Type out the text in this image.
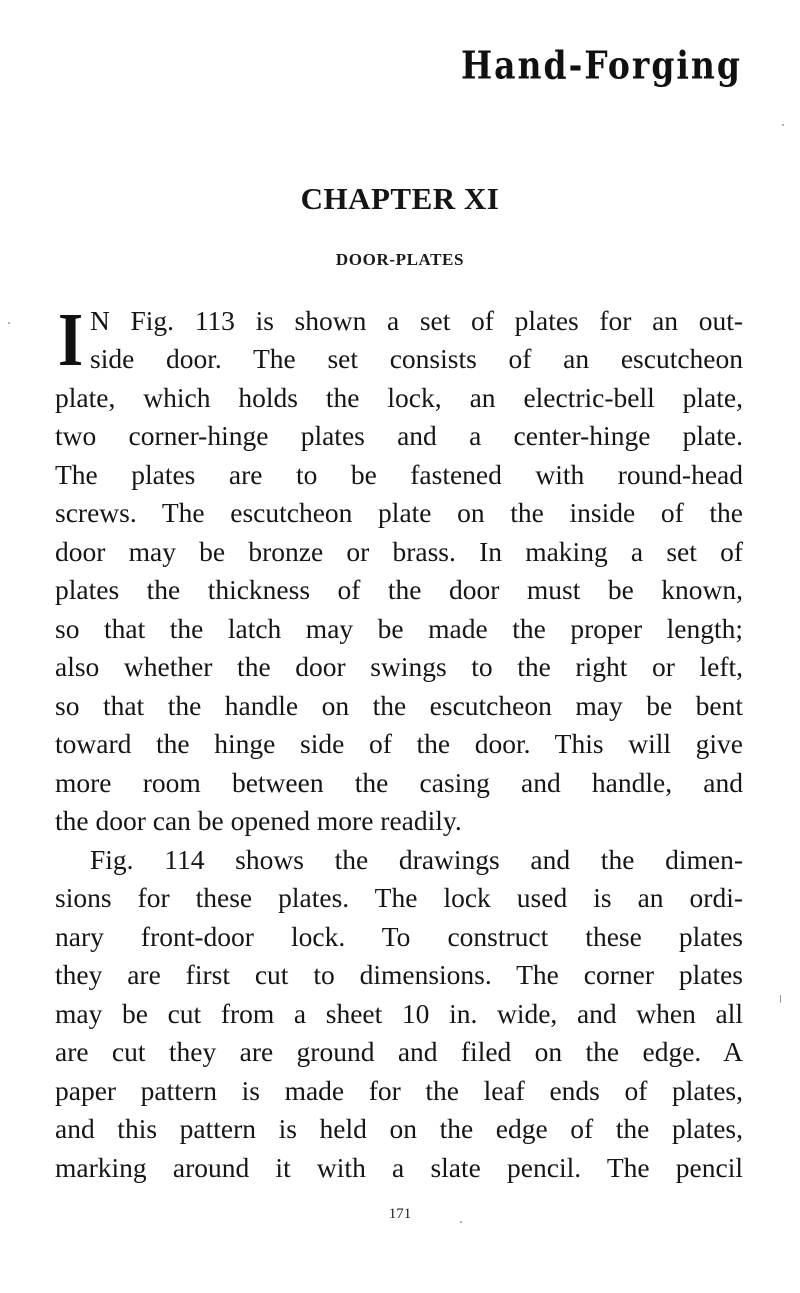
Hand-Forging
CHAPTER XI
DOOR-PLATES
I N Fig. 113 is shown a set of plates for an out-
side door. The set consists of an escutcheon
plate, which holds the lock, an electric-bell plate,
two corner-hinge plates and a center-hinge plate.
The plates are to be fastened with round-head
screws. The escutcheon plate on the inside of the
door may be bronze or brass. In making a set of
plates the thickness of the door must be known,
so that the latch may be made the proper length;
also whether the door swings to the right or left,
so that the handle on the escutcheon may be bent
toward the hinge side of the door. This will give
more room between the casing and handle, and
the door can be opened more readily.
Fig. 114 shows the drawings and the dimen-
sions for these plates. The lock used is an ordi-
nary front-door lock. To construct these plates
they are first cut to dimensions. The corner plates
may be cut from a sheet 10 in. wide, and when all
are cut they are ground and filed on the edge. A
paper pattern is made for the leaf ends of plates,
and this pattern is held on the edge of the plates,
marking around it with a slate pencil. The pencil
171
